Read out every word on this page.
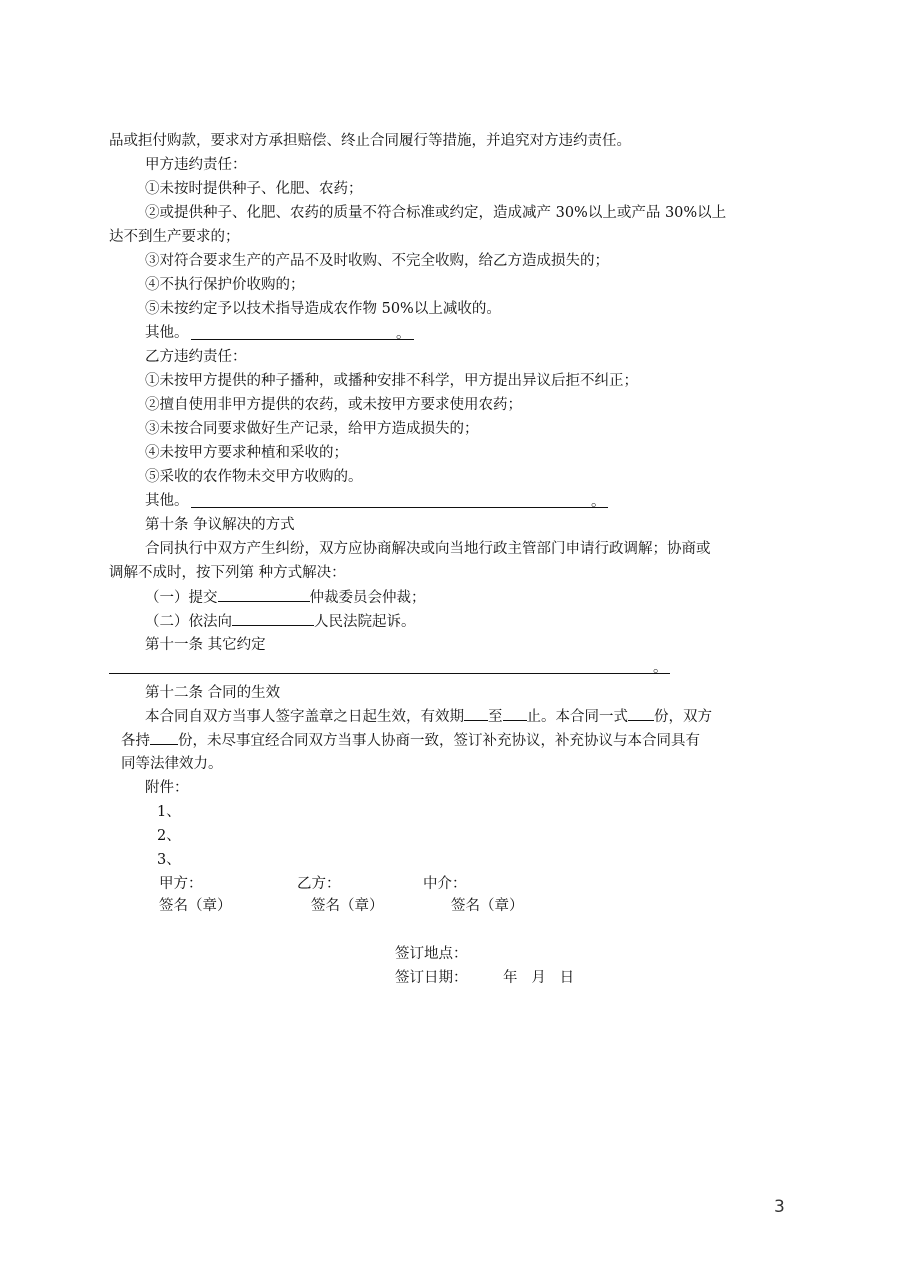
品或拒付购款，要求对方承担赔偿、终止合同履行等措施，并追究对方违约责任。
甲方违约责任：
①未按时提供种子、化肥、农药；
②或提供种子、化肥、农药的质量不符合标准或约定，造成减产 30%以上或产品 30%以上
达不到生产要求的；
③对符合要求生产的产品不及时收购、不完全收购，给乙方造成损失的；
④不执行保护价收购的；
⑤未按约定予以技术指导造成农作物 50%以上减收的。
其他。	。
乙方违约责任：
①未按甲方提供的种子播种，或播种安排不科学，甲方提出异议后拒不纠正；
②擅自使用非甲方提供的农药，或未按甲方要求使用农药；
③未按合同要求做好生产记录，给甲方造成损失的；
④未按甲方要求种植和采收的；
⑤采收的农作物未交甲方收购的。
其他。	。
第十条 争议解决的方式
合同执行中双方产生纠纷，双方应协商解决或向当地行政主管部门申请行政调解；协商或
调解不成时，按下列第 种方式解决：
（一）提交	仲裁委员会仲裁；
（二）依法向	人民法院起诉。
第十一条 其它约定
。
第十二条 合同的生效
本合同自双方当事人签字盖章之日起生效，有效期 至 止。本合同一式 份，双方
各持 份，未尽事宜经合同双方当事人协商一致，签订补充协议，补充协议与本合同具有
同等法律效力。
附件：
1、
2、
3、
甲方：	乙方：	中介：
签名（章）	签名（章）	签名（章）
签订地点：
签订日期： 年   月   日
3
